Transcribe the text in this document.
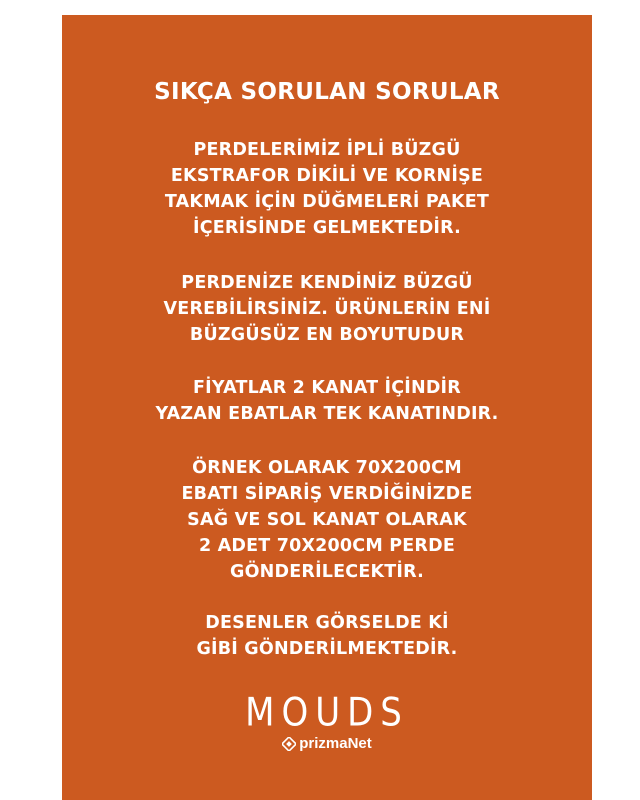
SIKÇA SORULAN SORULAR
PERDELERİMİZ İPLİ BÜZGÜ
EKSTRAFOR DİKİLİ VE KORNİŞE
TAKMAK İÇİN DÜĞMELERİ PAKET
İÇERİSİNDE GELMEKTEDİR.
PERDENİZE KENDİNİZ BÜZGÜ
VEREBİLİRSİNİZ. ÜRÜNLERİN ENİ
BÜZGÜSÜZ EN BOYUTUDUR
FİYATLAR 2 KANAT İÇİNDİR
YAZAN EBATLAR TEK KANATINDIR.
ÖRNEK OLARAK 70X200CM
EBATI SİPARİŞ VERDİĞİNİZDE
SAĞ VE SOL KANAT OLARAK
2 ADET 70X200CM PERDE
GÖNDERİLECEKTİR.
DESENLER GÖRSELDE Kİ
GİBİ GÖNDERİLMEKTEDİR.
MOUDS
prizmaNet
